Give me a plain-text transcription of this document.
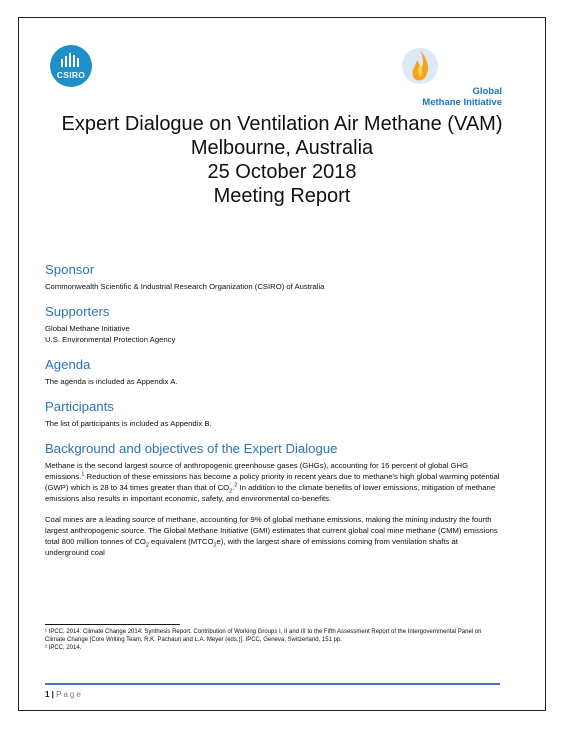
CSIRO
Global
Methane Initiative
Expert Dialogue on Ventilation Air Methane (VAM)
Melbourne, Australia
25 October 2018
Meeting Report
Sponsor

Commonwealth Scientific & Industrial Research Organization (CSIRO) of Australia

Supporters

Global Methane Initiative

U.S. Environmental Protection Agency

Agenda

The agenda is included as Appendix A.

Participants

The list of participants is included as Appendix B.

Background and objectives of the Expert Dialogue

Methane is the second largest source of anthropogenic greenhouse gases (GHGs), accounting for 16 percent of global GHG emissions.$^1$ Reduction of these emissions has become a policy priority in recent years due to methane's high global warming potential (GWP) which is 28 to 34 times greater than that of $CO_2.^2$ In addition to the climate benefits of lower emissions, mitigation of methane emissions also results in important economic, safety, and environmental co-benefits.

Coal mines are a leading source of methane, accounting for 9% of global methane emissions, making the mining industry the fourth largest anthropogenic source. The Global Methane Initiative (GMI) estimates that current global coal mine methane (CMM) emissions total 800 million tonnes of $CO_2$ equivalent $(MTCO_2e)$, with the largest share of emissions coming from ventilation shafts at underground coal

¹ IPCC, 2014: Climate Change 2014: Synthesis Report. Contribution of Working Groups I, II and III to the Fifth Assessment Report of the Intergovernmental Panel on Climate Change [Core Writing Team, R.K. Pachauri and L.A. Meyer (eds.)]. IPCC, Geneva, Switzerland, 151 pp.

² IPCC, 2014.

1 | Page
